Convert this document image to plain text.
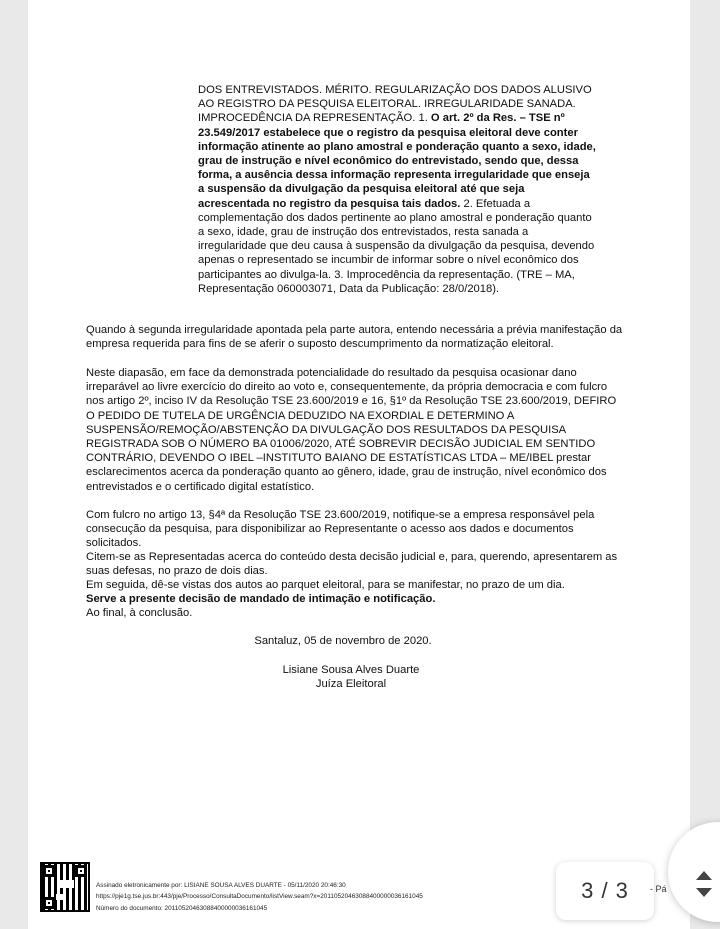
DOS ENTREVISTADOS. MÉRITO. REGULARIZAÇÃO DOS DADOS ALUSIVO AO REGISTRO DA PESQUISA ELEITORAL. IRREGULARIDADE SANADA. IMPROCEDÊNCIA DA REPRESENTAÇÃO. 1. O art. 2º da Res. – TSE nº 23.549/2017 estabelece que o registro da pesquisa eleitoral deve conter informação atinente ao plano amostral e ponderação quanto a sexo, idade, grau de instrução e nível econômico do entrevistado, sendo que, dessa forma, a ausência dessa informação representa irregularidade que enseja a suspensão da divulgação da pesquisa eleitoral até que seja acrescentada no registro da pesquisa tais dados. 2. Efetuada a complementação dos dados pertinente ao plano amostral e ponderação quanto a sexo, idade, grau de instrução dos entrevistados, resta sanada a irregularidade que deu causa à suspensão da divulgação da pesquisa, devendo apenas o representado se incumbir de informar sobre o nível econômico dos participantes ao divulga-la. 3. Improcedência da representação. (TRE – MA, Representação 060003071, Data da Publicação: 28/0/2018).

Quando à segunda irregularidade apontada pela parte autora, entendo necessária a prévia manifestação da empresa requerida para fins de se aferir o suposto descumprimento da normatização eleitoral.

Neste diapasão, em face da demonstrada potencialidade do resultado da pesquisa ocasionar dano irreparável ao livre exercício do direito ao voto e, consequentemente, da própria democracia e com fulcro nos artigo 2º, inciso IV da Resolução TSE 23.600/2019 e 16, §1º da Resolução TSE 23.600/2019, DEFIRO O PEDIDO DE TUTELA DE URGÊNCIA DEDUZIDO NA EXORDIAL E DETERMINO A SUSPENSÃO/REMOÇÃO/ABSTENÇÃO DA DIVULGAÇÃO DOS RESULTADOS DA PESQUISA REGISTRADA SOB O NÚMERO BA 01006/2020, ATÉ SOBREVIR DECISÃO JUDICIAL EM SENTIDO CONTRÁRIO, DEVENDO O IBEL –INSTITUTO BAIANO DE ESTATÍSTICAS LTDA – ME/IBEL prestar esclarecimentos acerca da ponderação quanto ao gênero, idade, grau de instrução, nível econômico dos entrevistados e o certificado digital estatístico.

Com fulcro no artigo 13, §4ª da Resolução TSE 23.600/2019, notifique-se a empresa responsável pela consecução da pesquisa, para disponibilizar ao Representante o acesso aos dados e documentos solicitados.

Citem-se as Representadas acerca do conteúdo desta decisão judicial e, para, querendo, apresentarem as suas defesas, no prazo de dois dias.

Em seguida, dê-se vistas dos autos ao parquet eleitoral, para se manifestar, no prazo de um dia.
Serve a presente decisão de mandado de intimação e notificação.
Ao final, à conclusão.

Santaluz, 05 de novembro de 2020.
Lisiane Sousa Alves Duarte
Juíza Eleitoral
Assinado eletronicamente por: LISIANE SOUSA ALVES DUARTE - 05/11/2020 20:46:30
https://pje1g.tse.jus.br:443/pje/Processo/ConsultaDocumento/listView.seam?x=20110520463088400000036161045
Número do documento: 20110520463088400000036161045
3 / 3	- Pá
